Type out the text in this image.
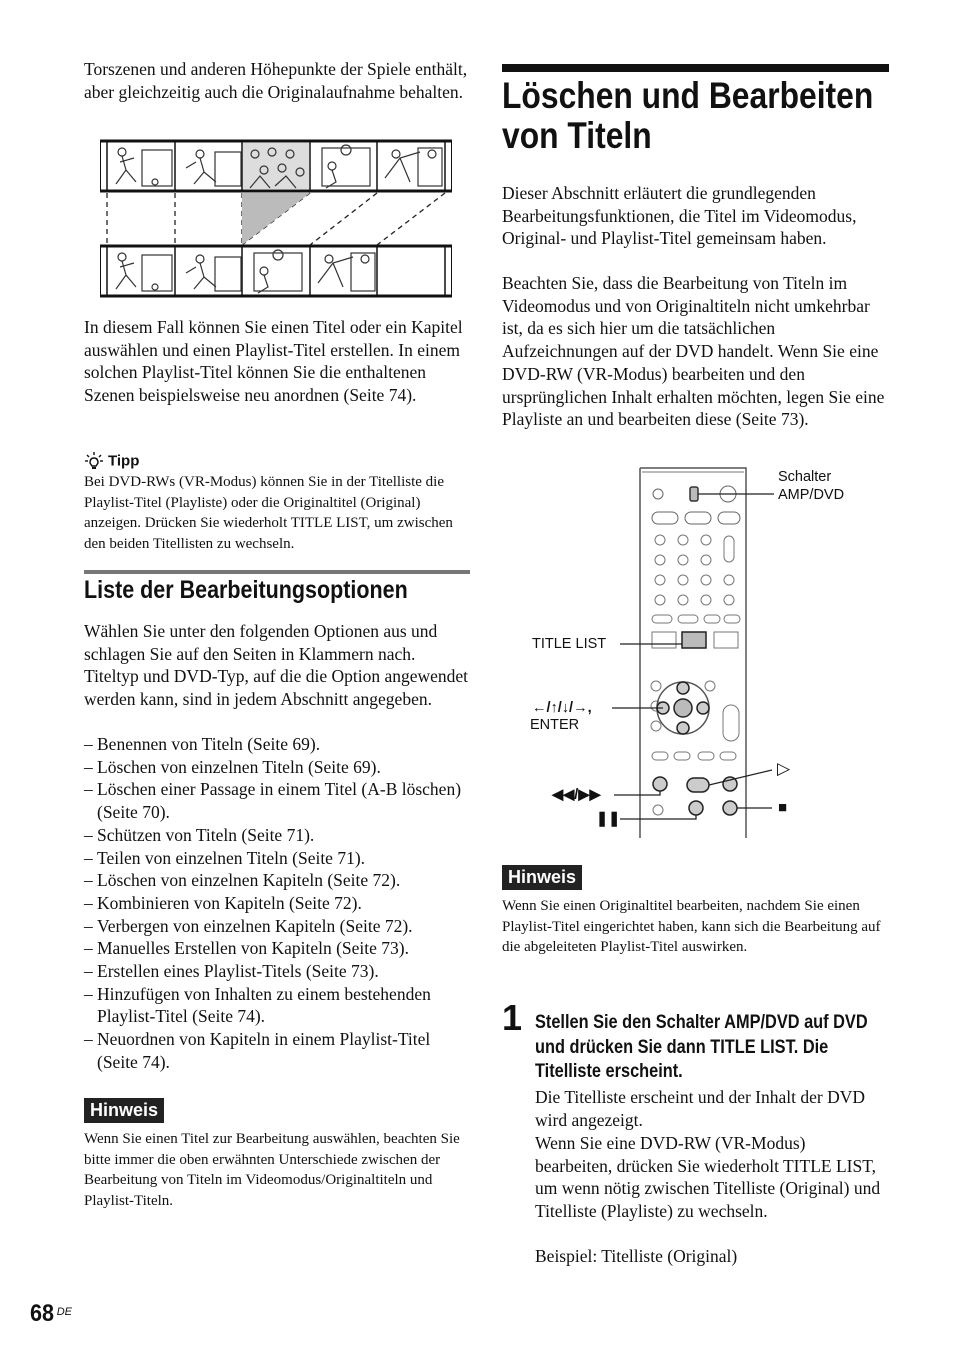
Torszenen und anderen Höhepunkte der Spiele enthält, aber gleichzeitig auch die Originalaufnahme behalten.

In diesem Fall können Sie einen Titel oder ein Kapitel auswählen und einen Playlist-Titel erstellen. In einem solchen Playlist-Titel können Sie die enthaltenen Szenen beispielsweise neu anordnen (Seite 74).

Tipp

Bei DVD-RWs (VR-Modus) können Sie in der Titelliste die Playlist-Titel (Playliste) oder die Originaltitel (Original) anzeigen. Drücken Sie wiederholt TITLE LIST, um zwischen den beiden Titellisten zu wechseln.

Liste der Bearbeitungsoptionen

Wählen Sie unter den folgenden Optionen aus und schlagen Sie auf den Seiten in Klammern nach. Titeltyp und DVD-Typ, auf die die Option angewendet werden kann, sind in jedem Abschnitt angegeben.

– Benennen von Titeln (Seite 69).
– Löschen von einzelnen Titeln (Seite 69).
– Löschen einer Passage in einem Titel (A-B löschen) (Seite 70).
– Schützen von Titeln (Seite 71).
– Teilen von einzelnen Titeln (Seite 71).
– Löschen von einzelnen Kapiteln (Seite 72).
– Kombinieren von Kapiteln (Seite 72).
– Verbergen von einzelnen Kapiteln (Seite 72).
– Manuelles Erstellen von Kapiteln (Seite 73).
– Erstellen eines Playlist-Titels (Seite 73).
– Hinzufügen von Inhalten zu einem bestehenden Playlist-Titel (Seite 74).
– Neuordnen von Kapiteln in einem Playlist-Titel (Seite 74).
Hinweis

Wenn Sie einen Titel zur Bearbeitung auswählen, beachten Sie bitte immer die oben erwähnten Unterschiede zwischen der Bearbeitung von Titeln im Videomodus/Originaltiteln und Playlist-Titeln.

68 $^{DE}$
Löschen und Bearbeiten
von Titeln

Dieser Abschnitt erläutert die grundlegenden Bearbeitungsfunktionen, die Titel im Videomodus, Original- und Playlist-Titel gemeinsam haben.

Beachten Sie, dass die Bearbeitung von Titeln im Videomodus und von Originaltiteln nicht umkehrbar ist, da es sich hier um die tatsächlichen Aufzeichnungen auf der DVD handelt. Wenn Sie eine DVD-RW (VR-Modus) bearbeiten und den ursprünglichen Inhalt erhalten möchten, legen Sie eine Playliste an und bearbeiten diese (Seite 73).

Schalter
AMP/DVD
TITLE LIST
←/↑/↓/→,
ENTER
◀◀/▶▶
❚❚
▷
■
Hinweis

Wenn Sie einen Originaltitel bearbeiten, nachdem Sie einen Playlist-Titel eingerichtet haben, kann sich die Bearbeitung auf die abgeleiteten Playlist-Titel auswirken.

1 Stellen Sie den Schalter AMP/DVD auf DVD und drücken Sie dann TITLE LIST. Die Titelliste erscheint.

Die Titelliste erscheint und der Inhalt der DVD wird angezeigt.

Wenn Sie eine DVD-RW (VR-Modus) bearbeiten, drücken Sie wiederholt TITLE LIST, um wenn nötig zwischen Titelliste (Original) und Titelliste (Playliste) zu wechseln.

Beispiel: Titelliste (Original)
